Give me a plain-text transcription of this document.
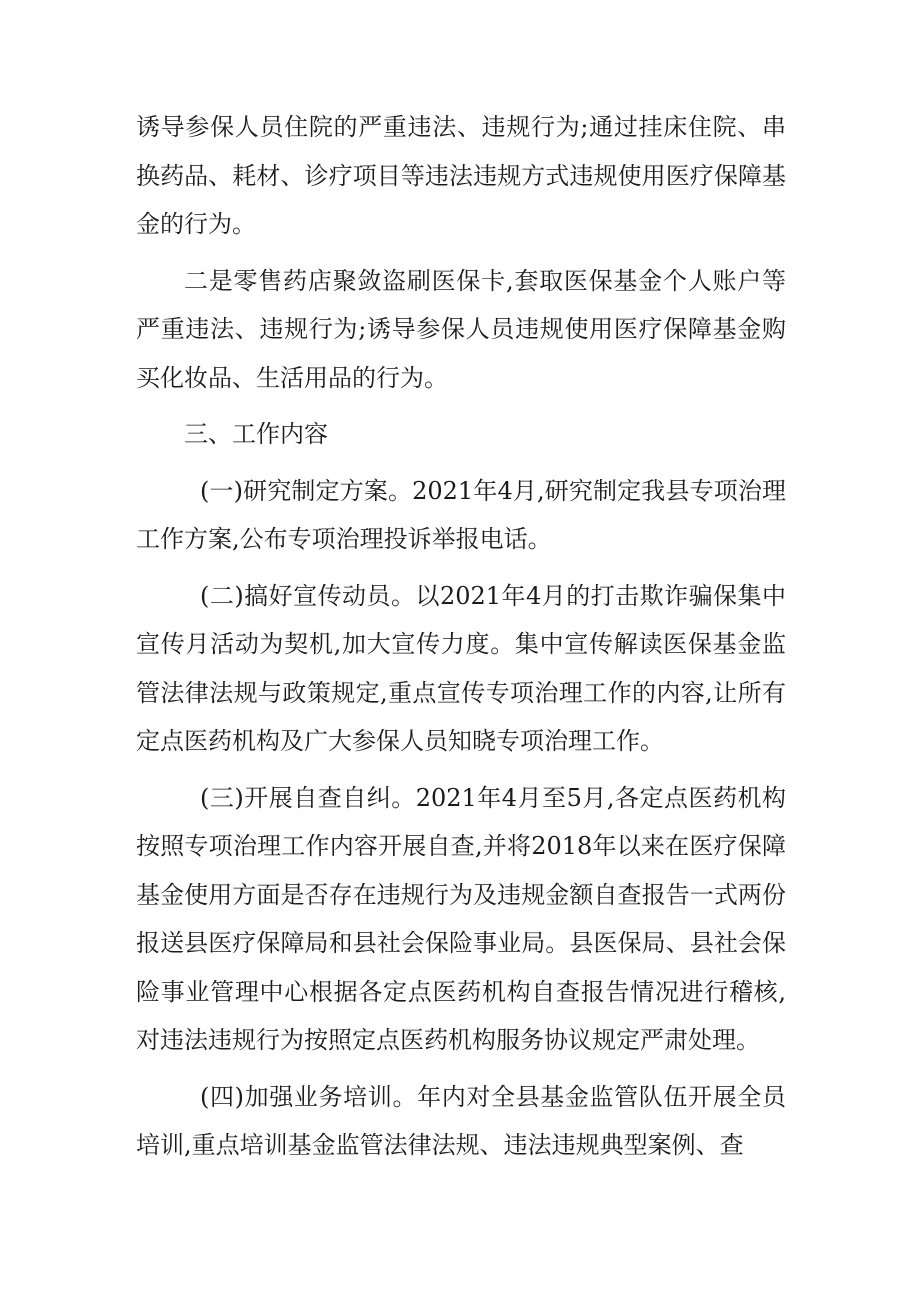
诱导参保人员住院的严重违法、违规行为;通过挂床住院、串换药品、耗材、诊疗项目等违法违规方式违规使用医疗保障基金的行为。

二是零售药店聚敛盗刷医保卡,套取医保基金个人账户等严重违法、违规行为;诱导参保人员违规使用医疗保障基金购买化妆品、生活用品的行为。

三、工作内容

(一)研究制定方案。2021年4月,研究制定我县专项治理工作方案,公布专项治理投诉举报电话。

(二)搞好宣传动员。以2021年4月的打击欺诈骗保集中宣传月活动为契机,加大宣传力度。集中宣传解读医保基金监管法律法规与政策规定,重点宣传专项治理工作的内容,让所有定点医药机构及广大参保人员知晓专项治理工作。

(三)开展自查自纠。2021年4月至5月,各定点医药机构按照专项治理工作内容开展自查,并将2018年以来在医疗保障基金使用方面是否存在违规行为及违规金额自查报告一式两份报送县医疗保障局和县社会保险事业局。县医保局、县社会保险事业管理中心根据各定点医药机构自查报告情况进行稽核,对违法违规行为按照定点医药机构服务协议规定严肃处理。

(四)加强业务培训。年内对全县基金监管队伍开展全员培训,重点培训基金监管法律法规、违法违规典型案例、查
